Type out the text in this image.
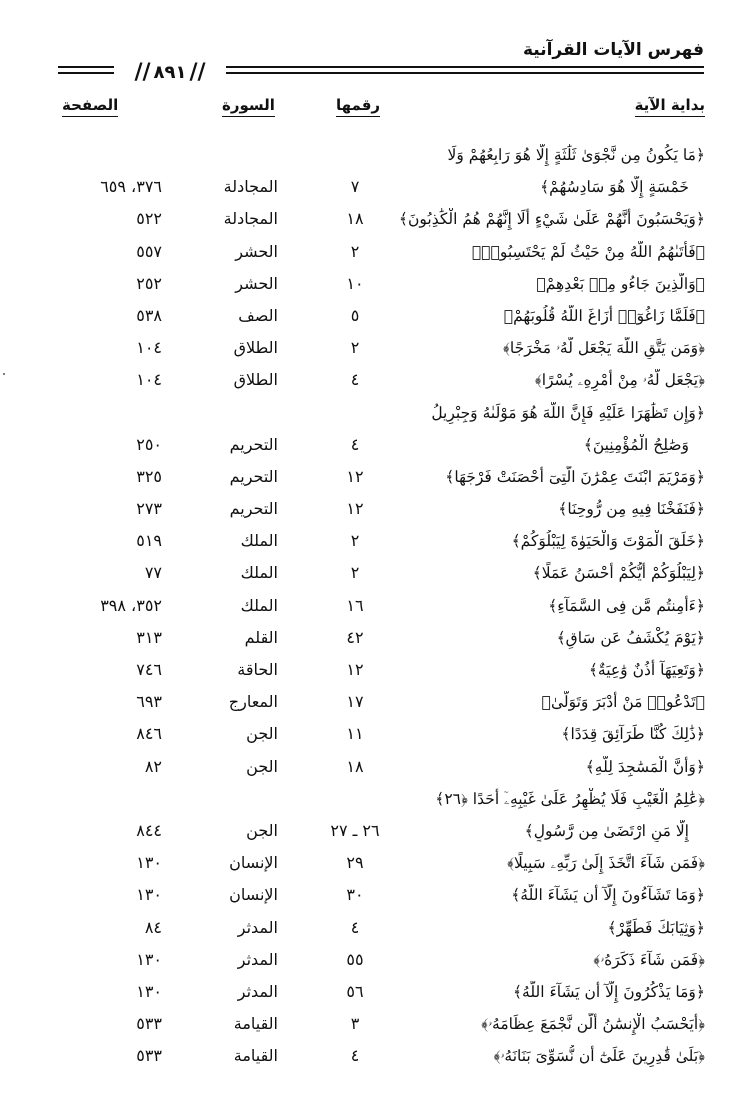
فهرس الآيات القرآنية
//
٨٩١
//
بداية الآية
رقمها
السورة
الصفحة
﴿مَا يَكُونُ مِن نَّجْوَىٰ ثَلَٰثَةٍ إِلَّا هُوَ رَابِعُهُمْ وَلَا
خَمْسَةٍ إِلَّا هُوَ سَادِسُهُمْ﴾
٧
المجادلة
٣٧٦، ٦٥٩
﴿وَيَحْسَبُونَ أَنَّهُمْ عَلَىٰ شَيْءٍ أَلَا إِنَّهُمْ هُمُ الْكَٰذِبُونَ﴾
١٨
المجادلة
٥٢٢
﴿فَأَتَىٰهُمُ اللَّهُ مِنْ حَيْثُ لَمْ يَحْتَسِبُوا۟﴾
٢
الحشر
٥٥٧
﴿وَالَّذِينَ جَاءُو مِنۢ بَعْدِهِمْ﴾
١٠
الحشر
٢٥٢
﴿فَلَمَّا زَاغُوٓا۟ أَزَاغَ اللَّهُ قُلُوبَهُمْ﴾
٥
الصف
٥٣٨
﴿وَمَن يَتَّقِ اللَّهَ يَجْعَل لَّهُۥ مَخْرَجًا﴾
٢
الطلاق
١٠٤
﴿يَجْعَل لَّهُۥ مِنْ أَمْرِهِۦ يُسْرًا﴾
٤
الطلاق
١٠٤
﴿وَإِن تَظَٰهَرَا عَلَيْهِ فَإِنَّ اللَّهَ هُوَ مَوْلَىٰهُ وَجِبْرِيلُ
وَصَٰلِحُ الْمُؤْمِنِينَ﴾
٤
التحريم
٢٥٠
﴿وَمَرْيَمَ ابْنَتَ عِمْرَٰنَ الَّتِىٓ أَحْصَنَتْ فَرْجَهَا﴾
١٢
التحريم
٣٢٥
﴿فَنَفَخْنَا فِيهِ مِن رُّوحِنَا﴾
١٢
التحريم
٢٧٣
﴿خَلَقَ الْمَوْتَ وَالْحَيَوٰةَ لِيَبْلُوَكُمْ﴾
٢
الملك
٥١٩
﴿لِيَبْلُوَكُمْ أَيُّكُمْ أَحْسَنُ عَمَلًا﴾
٢
الملك
٧٧
﴿ءَأَمِنتُم مَّن فِى السَّمَآءِ﴾
١٦
الملك
٣٥٢، ٣٩٨
﴿يَوْمَ يُكْشَفُ عَن سَاقٍ﴾
٤٢
القلم
٣١٣
﴿وَتَعِيَهَآ أُذُنٌ وَٰعِيَةٌ﴾
١٢
الحاقة
٧٤٦
﴿تَدْعُوا۟ مَنْ أَدْبَرَ وَتَوَلَّىٰ﴾
١٧
المعارج
٦٩٣
﴿ذَٰلِكَ كُنَّا طَرَآئِقَ قِدَدًا﴾
١١
الجن
٨٤٦
﴿وَأَنَّ الْمَسَٰجِدَ لِلَّهِ﴾
١٨
الجن
٨٢
﴿عَٰلِمُ الْغَيْبِ فَلَا يُظْهِرُ عَلَىٰ غَيْبِهِۦٓ أَحَدًا ﴿٢٦﴾
إِلَّا مَنِ ارْتَضَىٰ مِن رَّسُولٍ﴾
٢٦ ـ ٢٧
الجن
٨٤٤
﴿فَمَن شَآءَ اتَّخَذَ إِلَىٰ رَبِّهِۦ سَبِيلًا﴾
٢٩
الإنسان
١٣٠
﴿وَمَا تَشَآءُونَ إِلَّآ أَن يَشَآءَ اللَّهُ﴾
٣٠
الإنسان
١٣٠
﴿وَثِيَابَكَ فَطَهِّرْ﴾
٤
المدثر
٨٤
﴿فَمَن شَآءَ ذَكَرَهُۥ﴾
٥٥
المدثر
١٣٠
﴿وَمَا يَذْكُرُونَ إِلَّآ أَن يَشَآءَ اللَّهُ﴾
٥٦
المدثر
١٣٠
﴿أَيَحْسَبُ الْإِنسَٰنُ أَلَّن نَّجْمَعَ عِظَامَهُۥ﴾
٣
القيامة
٥٣٣
﴿بَلَىٰ قَٰدِرِينَ عَلَىٰٓ أَن نُّسَوِّىَ بَنَانَهُۥ﴾
٤
القيامة
٥٣٣
